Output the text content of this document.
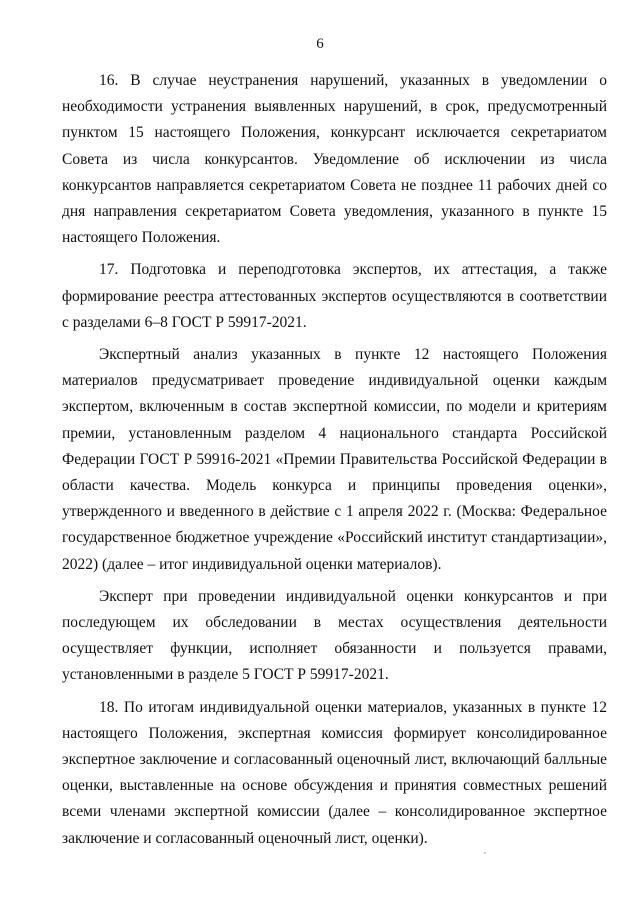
6

16. В случае неустранения нарушений, указанных в уведомлении о необходимости устранения выявленных нарушений, в срок, предусмотренный пунктом 15 настоящего Положения, конкурсант исключается секретариатом Совета из числа конкурсантов. Уведомление об исключении из числа конкурсантов направляется секретариатом Совета не позднее 11 рабочих дней со дня направления секретариатом Совета уведомления, указанного в пункте 15 настоящего Положения.

17. Подготовка и переподготовка экспертов, их аттестация, а также формирование реестра аттестованных экспертов осуществляются в соответствии с разделами 6–8 ГОСТ Р 59917-2021.

Экспертный анализ указанных в пункте 12 настоящего Положения материалов предусматривает проведение индивидуальной оценки каждым экспертом, включенным в состав экспертной комиссии, по модели и критериям премии, установленным разделом 4 национального стандарта Российской Федерации ГОСТ Р 59916-2021 «Премии Правительства Российской Федерации в области качества. Модель конкурса и принципы проведения оценки», утвержденного и введенного в действие с 1 апреля 2022 г. (Москва: Федеральное государственное бюджетное учреждение «Российский институт стандартизации», 2022) (далее – итог индивидуальной оценки материалов).

Эксперт при проведении индивидуальной оценки конкурсантов и при последующем их обследовании в местах осуществления деятельности осуществляет функции, исполняет обязанности и пользуется правами, установленными в разделе 5 ГОСТ Р 59917-2021.

18. По итогам индивидуальной оценки материалов, указанных в пункте 12 настоящего Положения, экспертная комиссия формирует консолидированное экспертное заключение и согласованный оценочный лист, включающий балльные оценки, выставленные на основе обсуждения и принятия совместных решений всеми членами экспертной комиссии (далее – консолидированное экспертное заключение и согласованный оценочный лист, оценки).
